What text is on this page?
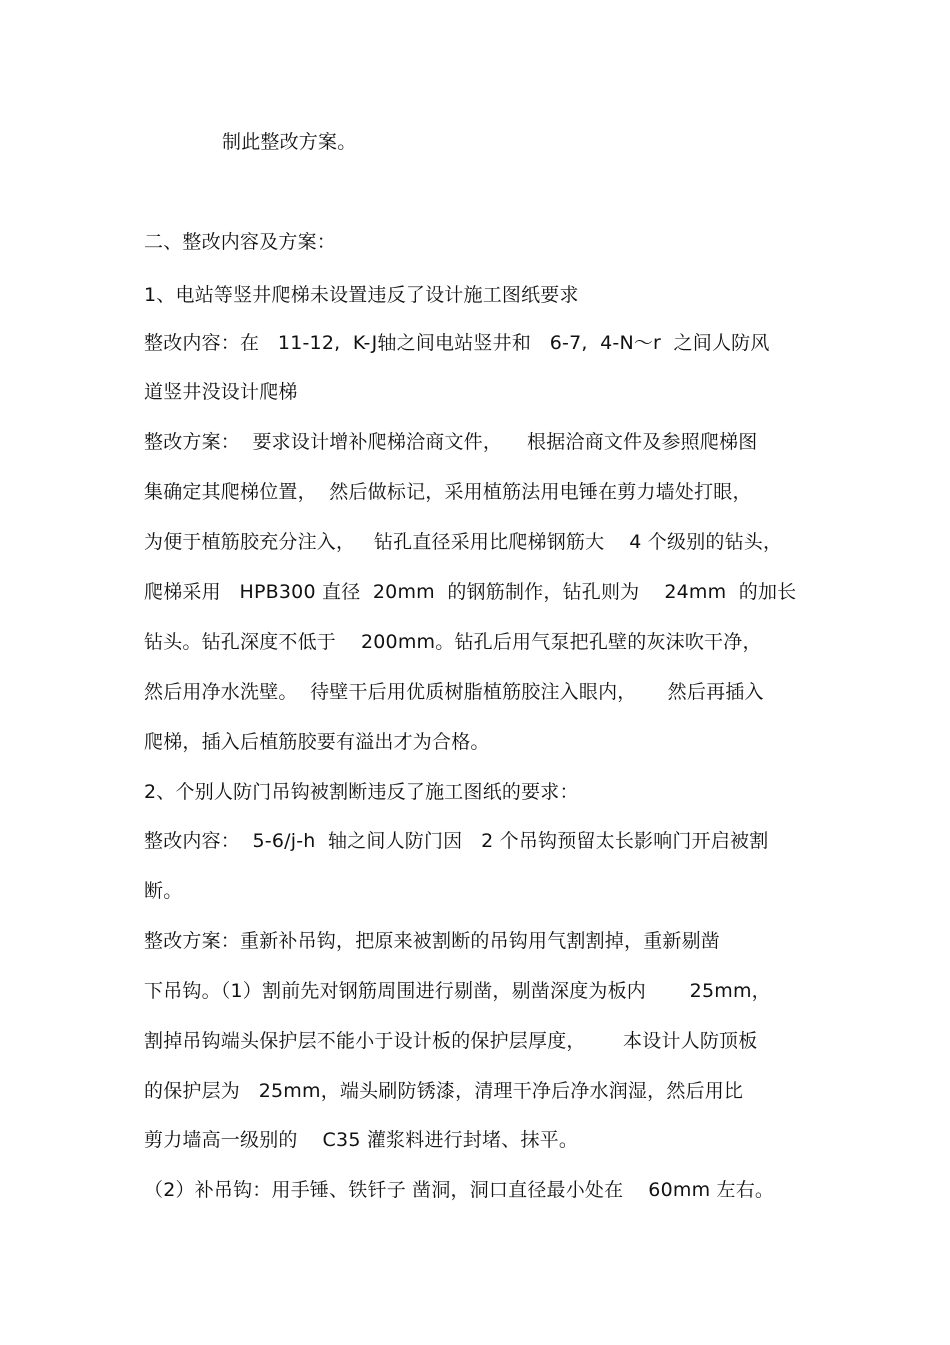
制此整改方案。
二、整改内容及方案：
1、电站等竖井爬梯未设置违反了设计施工图纸要求
整改内容：在   11-12,  K-J轴之间电站竖井和   6-7,  4-N～r  之间人防风
道竖井没设计爬梯
整改方案：  要求设计增补爬梯洽商文件，    根据洽商文件及参照爬梯图
集确定其爬梯位置，  然后做标记，采用植筋法用电锤在剪力墙处打眼，
为便于植筋胶充分注入，   钻孔直径采用比爬梯钢筋大    4 个级别的钻头，
爬梯采用   HPB300 直径  20mm  的钢筋制作，钻孔则为    24mm  的加长
钻头。钻孔深度不低于    200mm。钻孔后用气泵把孔壁的灰沫吹干净，
然后用净水洗壁。  待壁干后用优质树脂植筋胶注入眼内，     然后再插入
爬梯，插入后植筋胶要有溢出才为合格。
2、个别人防门吊钩被割断违反了施工图纸的要求：
整改内容：  5-6/j-h  轴之间人防门因   2 个吊钩预留太长影响门开启被割
断。
整改方案：重新补吊钩，把原来被割断的吊钩用气割割掉，重新剔凿
下吊钩。（1）割前先对钢筋周围进行剔凿，剔凿深度为板内       25mm，
割掉吊钩端头保护层不能小于设计板的保护层厚度，      本设计人防顶板
的保护层为   25mm，端头刷防锈漆，清理干净后净水润湿，然后用比
剪力墙高一级别的    C35 灌浆料进行封堵、抹平。
（2）补吊钩：用手锤、铁钎子 凿洞，洞口直径最小处在    60mm 左右。
